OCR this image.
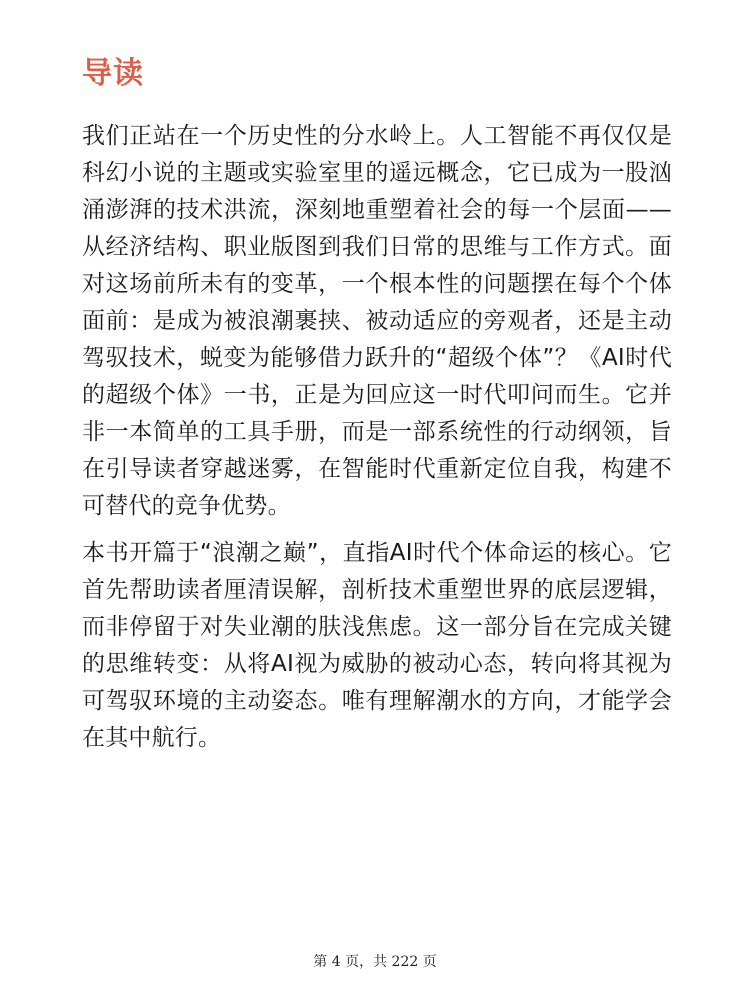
导读

我们正站在一个历史性的分水岭上。人工智能不再仅仅是科幻小说的主题或实验室里的遥远概念，它已成为一股汹涌澎湃的技术洪流，深刻地重塑着社会的每一个层面——从经济结构、职业版图到我们日常的思维与工作方式。面对这场前所未有的变革，一个根本性的问题摆在每个个体面前：是成为被浪潮裹挟、被动适应的旁观者，还是主动驾驭技术，蜕变为能够借力跃升的“超级个体”？《AI时代的超级个体》一书，正是为回应这一时代叩问而生。它并非一本简单的工具手册，而是一部系统性的行动纲领，旨在引导读者穿越迷雾，在智能时代重新定位自我，构建不可替代的竞争优势。

本书开篇于“浪潮之巅”，直指AI时代个体命运的核心。它首先帮助读者厘清误解，剖析技术重塑世界的底层逻辑，而非停留于对失业潮的肤浅焦虑。这一部分旨在完成关键的思维转变：从将AI视为威胁的被动心态，转向将其视为可驾驭环境的主动姿态。唯有理解潮水的方向，才能学会在其中航行。

第 4 页，共 222 页
